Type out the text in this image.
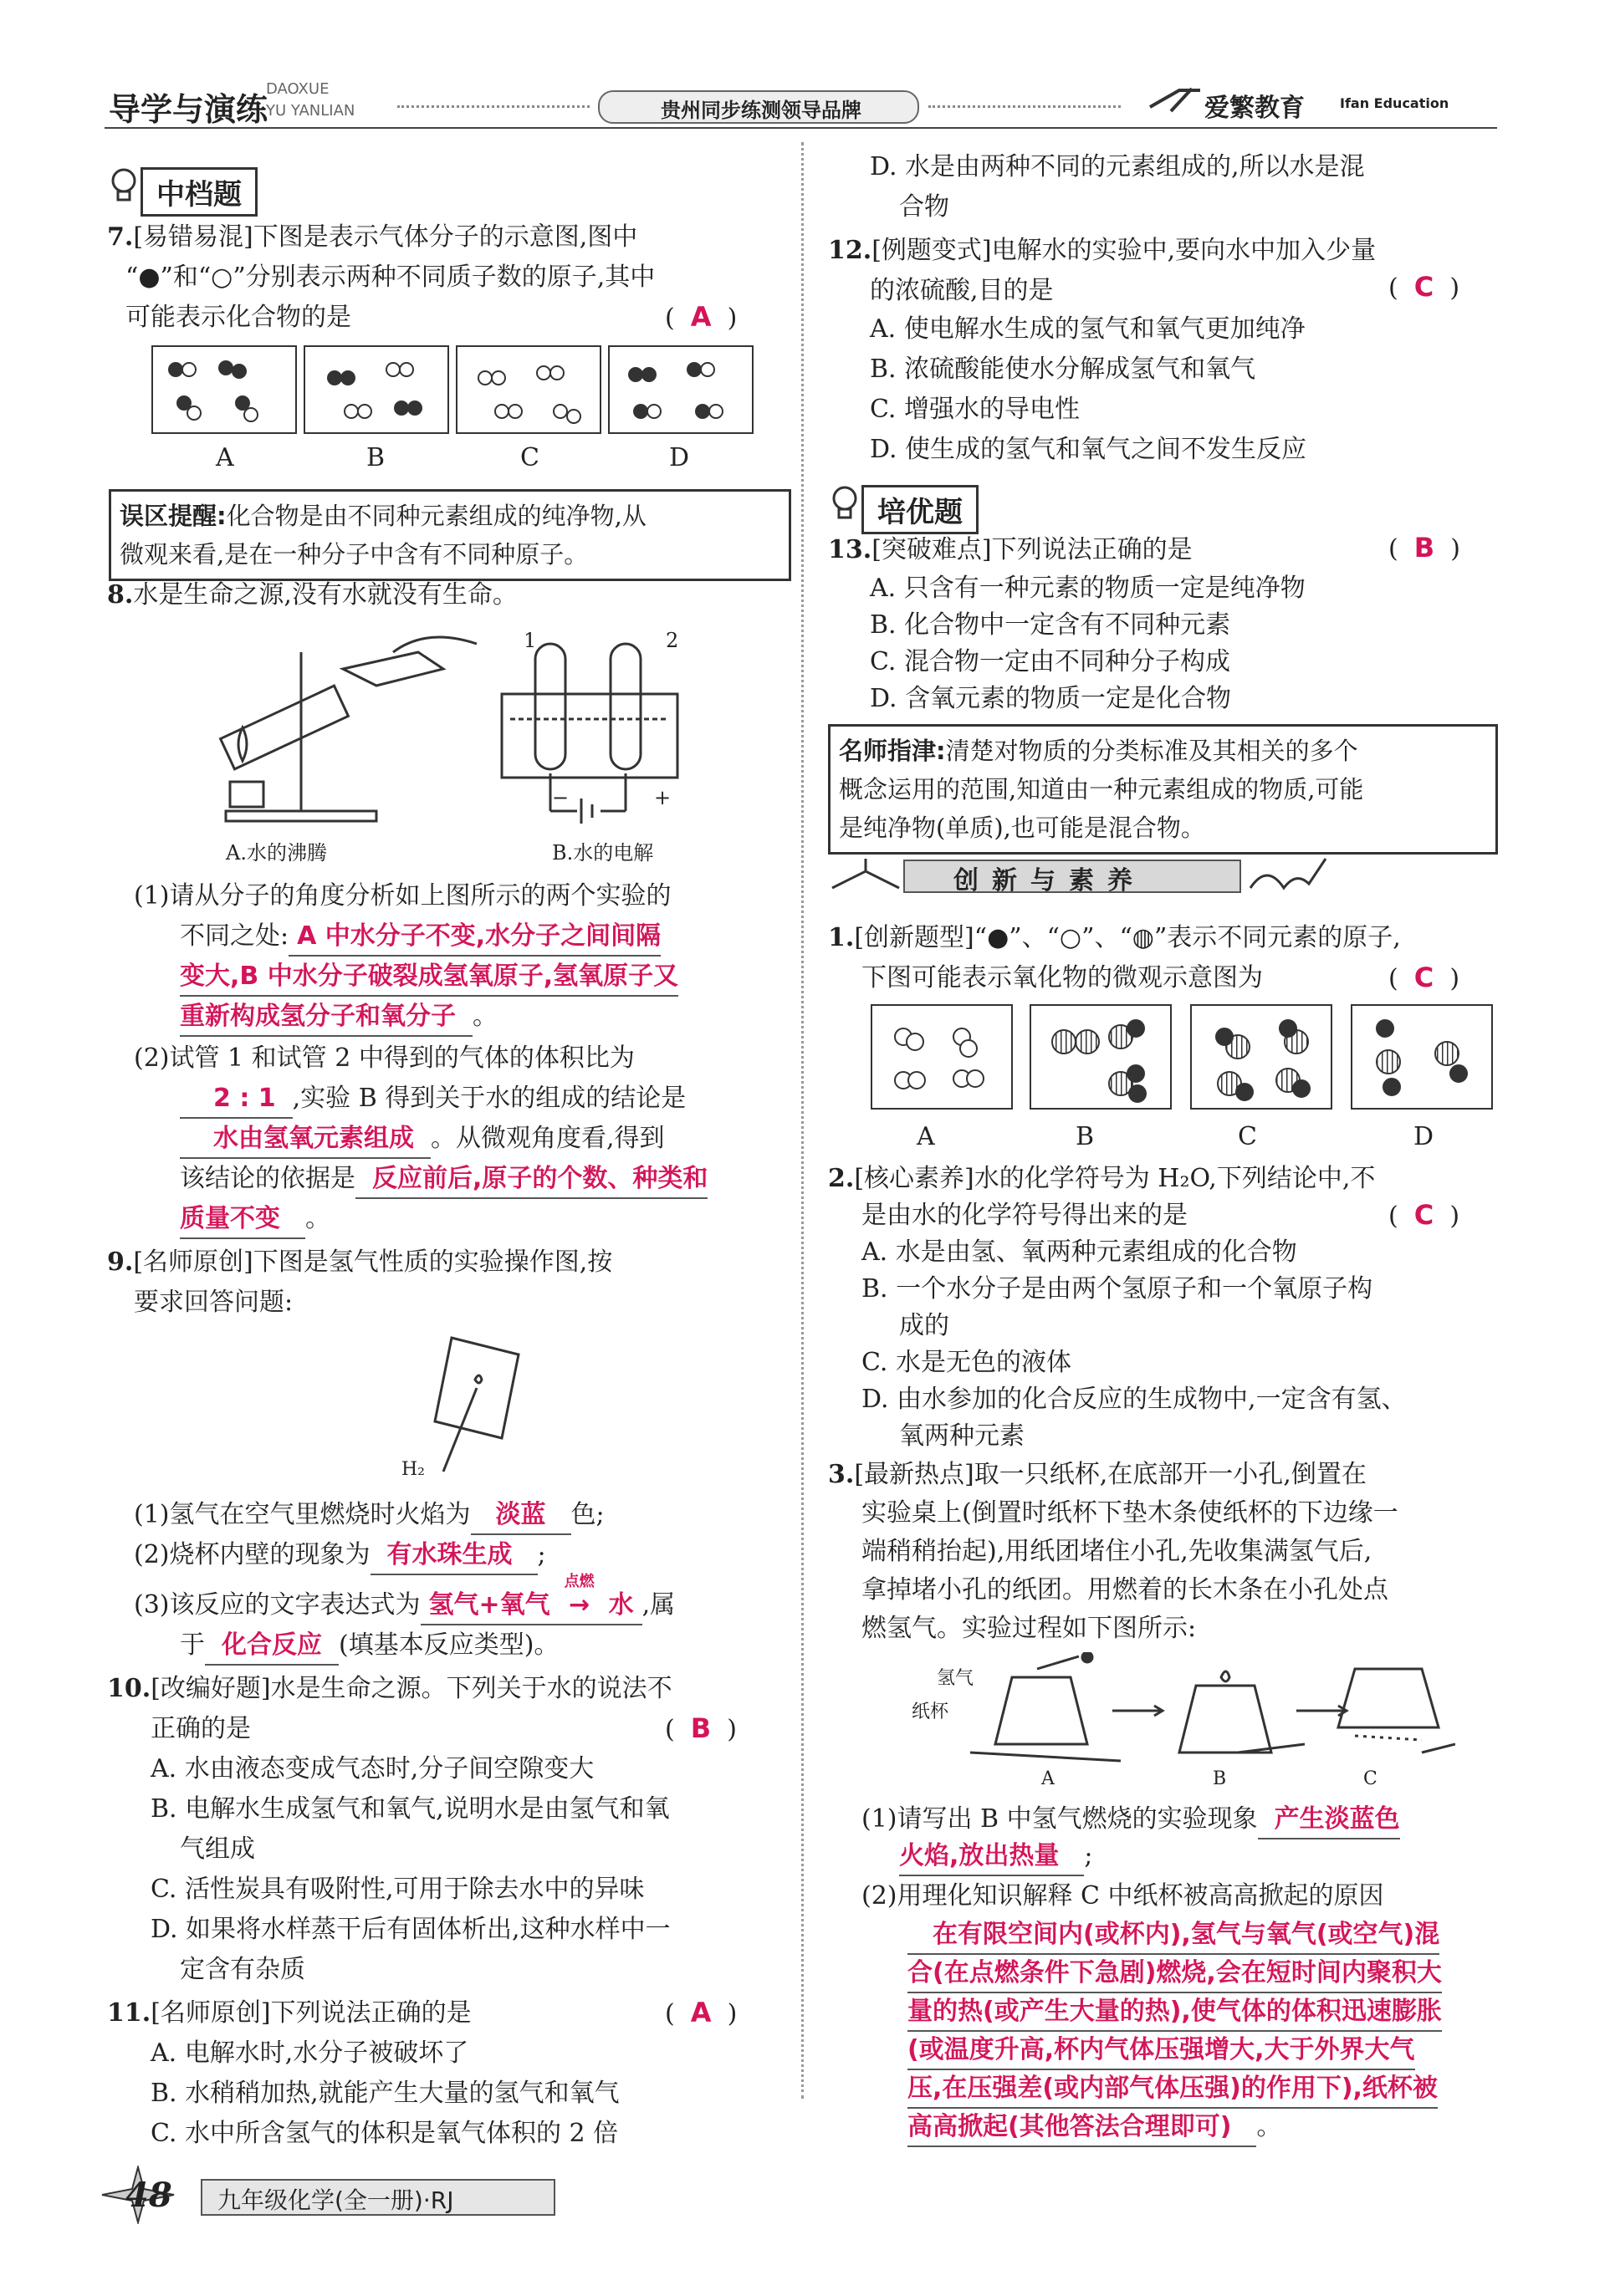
导学与演练
DAOXUE
YU YANLIAN	贵州同步练测领导品牌	爱繁教育	Ifan Education
中档题
7.[易错易混]下图是表示气体分子的示意图,图中
“●”和“○”分别表示两种不同质子数的原子,其中
可能表示化合物的是	( A )
A	B	C	D
误区提醒:化合物是由不同种元素组成的纯净物,从
微观来看,是在一种分子中含有不同种原子。
8.水是生命之源,没有水就没有生命。
1	2
−	+
A.水的沸腾	B.水的电解
(1)请从分子的角度分析如上图所示的两个实验的
不同之处: A 中水分子不变,水分子之间间隔
变大,B 中水分子破裂成氢氧原子,氢氧原子又
重新构成氢分子和氧分子 。
(2)试管 1 和试管 2 中得到的气体的体积比为
2 : 1 ,实验 B 得到关于水的组成的结论是
水由氢氧元素组成 。从微观角度看,得到
该结论的依据是 反应前后,原子的个数、种类和
质量不变 。
9.[名师原创]下图是氢气性质的实验操作图,按
要求回答问题:
H₂
(1)氢气在空气里燃烧时火焰为 淡蓝 色;
(2)烧杯内壁的现象为 有水珠生成 ;
(3)该反应的文字表达式为 氢气+氧气
点燃
→ 水 ,属
于 化合反应 (填基本反应类型)。
10.[改编好题]水是生命之源。下列关于水的说法不
正确的是	(  B  )
A. 水由液态变成气态时,分子间空隙变大
B. 电解水生成氢气和氧气,说明水是由氢气和氧
气组成
C. 活性炭具有吸附性,可用于除去水中的异味
D. 如果将水样蒸干后有固体析出,这种水样中一
定含有杂质
11.[名师原创]下列说法正确的是	(  A  )
A. 电解水时,水分子被破坏了
B. 水稍稍加热,就能产生大量的氢气和氧气
C. 水中所含氢气的体积是氧气体积的 2 倍
D. 水是由两种不同的元素组成的,所以水是混
合物
12.[例题变式]电解水的实验中,要向水中加入少量
的浓硫酸,目的是	(  C  )
A. 使电解水生成的氢气和氧气更加纯净
B. 浓硫酸能使水分解成氢气和氧气
C. 增强水的导电性
D. 使生成的氢气和氧气之间不发生反应
培优题
13.[突破难点]下列说法正确的是	(  B  )
A. 只含有一种元素的物质一定是纯净物
B. 化合物中一定含有不同种元素
C. 混合物一定由不同种分子构成
D. 含氧元素的物质一定是化合物
名师指津:清楚对物质的分类标准及其相关的多个
概念运用的范围,知道由一种元素组成的物质,可能
是纯净物(单质),也可能是混合物。
创新与素养
1.[创新题型]“●”、“○”、“◍”表示不同元素的原子,
下图可能表示氧化物的微观示意图为	(  C  )
A	B	C	D
2.[核心素养]水的化学符号为 H₂O,下列结论中,不
是由水的化学符号得出来的是	(  C  )
A. 水是由氢、氧两种元素组成的化合物
B. 一个水分子是由两个氢原子和一个氧原子构
成的
C. 水是无色的液体
D. 由水参加的化合反应的生成物中,一定含有氢、
氧两种元素
3.[最新热点]取一只纸杯,在底部开一小孔,倒置在
实验桌上(倒置时纸杯下垫木条使纸杯的下边缘一
端稍稍抬起),用纸团堵住小孔,先收集满氢气后,
拿掉堵小孔的纸团。用燃着的长木条在小孔处点
燃氢气。实验过程如下图所示:
氢气
纸杯
A	B	C
(1)请写出 B 中氢气燃烧的实验现象 产生淡蓝色
火焰,放出热量 ;
(2)用理化知识解释 C 中纸杯被高高掀起的原因
在有限空间内(或杯内),氢气与氧气(或空气)混
合(在点燃条件下急剧)燃烧,会在短时间内聚积大
量的热(或产生大量的热),使气体的体积迅速膨胀
(或温度升高,杯内气体压强增大,大于外界大气
压,在压强差(或内部气体压强)的作用下),纸杯被
高高掀起(其他答法合理即可) 。
48 九年级化学(全一册)·RJ
